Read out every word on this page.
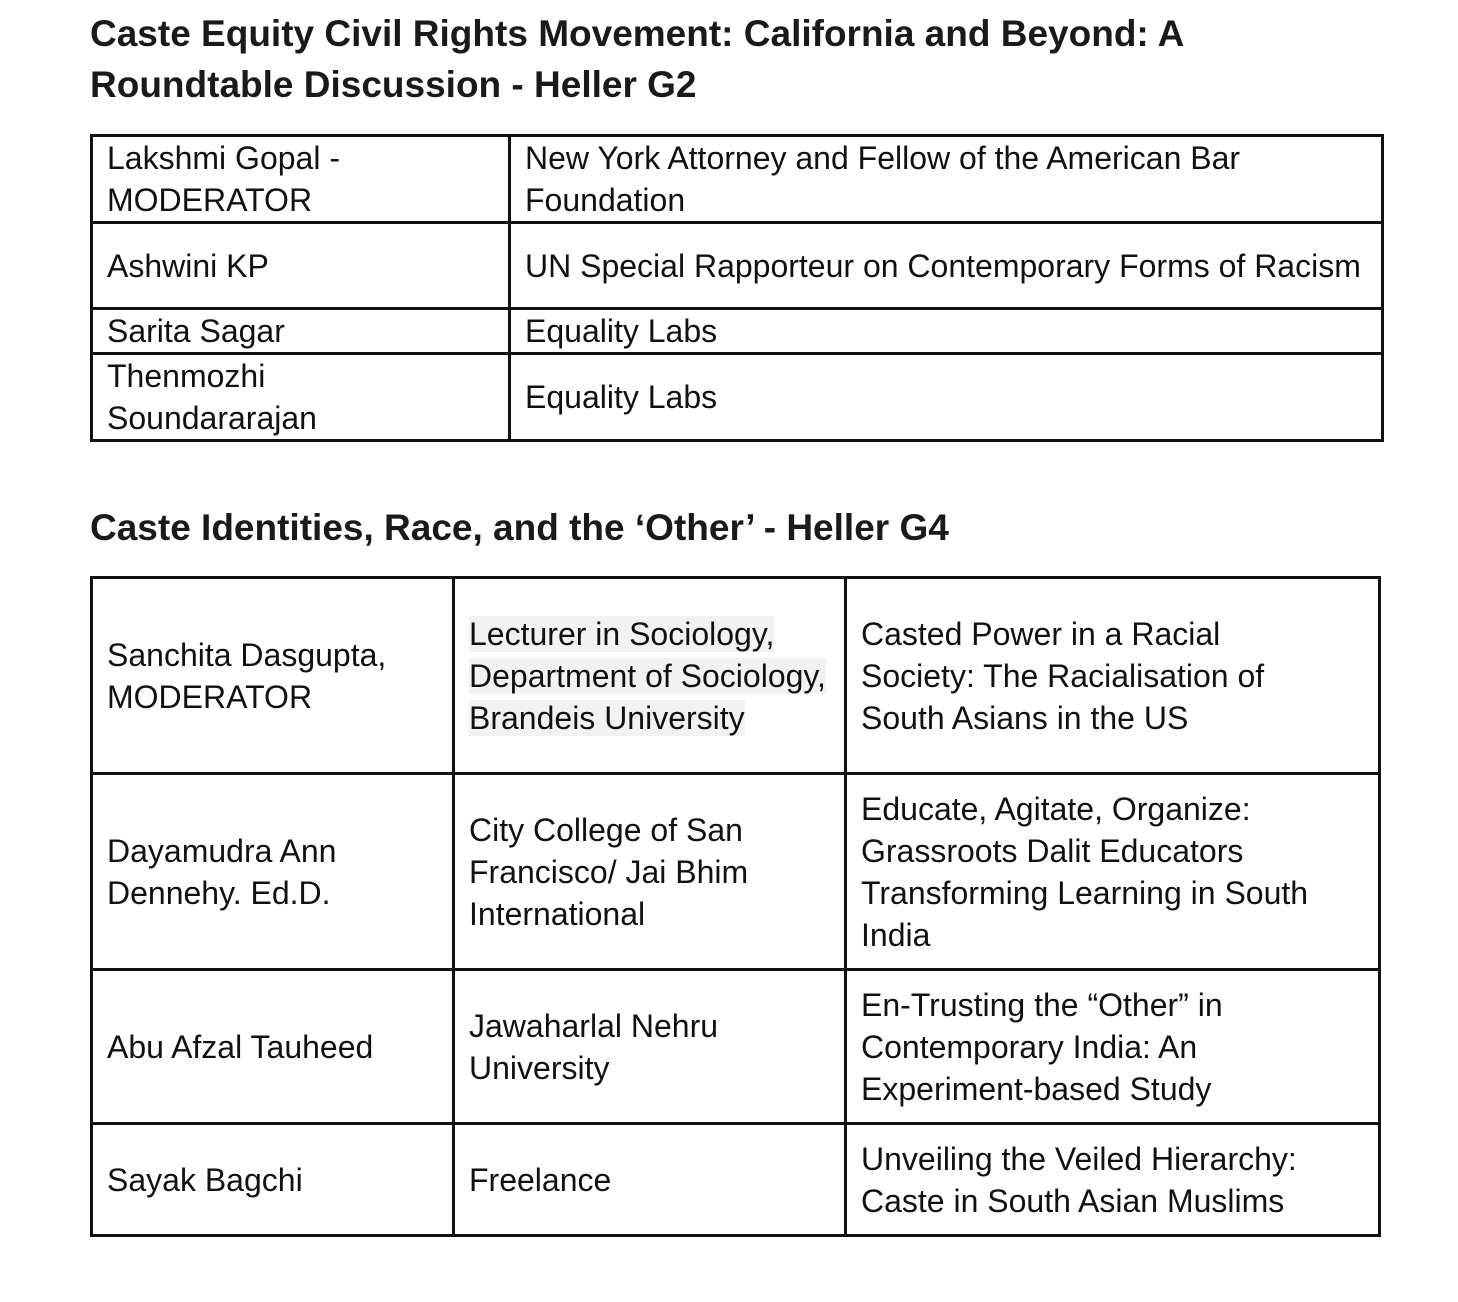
Caste Equity Civil Rights Movement: California and Beyond: A Roundtable Discussion - Heller G2
Lakshmi Gopal - MODERATOR	New York Attorney and Fellow of the American Bar Foundation
Ashwini KP	UN Special Rapporteur on Contemporary Forms of Racism
Sarita Sagar	Equality Labs
Thenmozhi Soundararajan	Equality Labs
Caste Identities, Race, and the ‘Other’ - Heller G4
Sanchita Dasgupta, MODERATOR	Lecturer in Sociology, Department of Sociology, Brandeis University	Casted Power in a Racial Society: The Racialisation of South Asians in the US
Dayamudra Ann Dennehy. Ed.D.	City College of San Francisco/ Jai Bhim International	Educate, Agitate, Organize: Grassroots Dalit Educators Transforming Learning in South India
Abu Afzal Tauheed	Jawaharlal Nehru University	En-Trusting the “Other” in Contemporary India: An Experiment-based Study
Sayak Bagchi	Freelance	Unveiling the Veiled Hierarchy: Caste in South Asian Muslims
